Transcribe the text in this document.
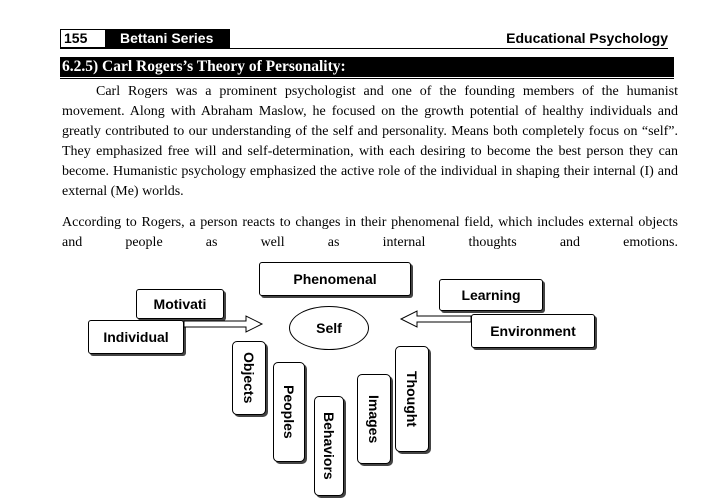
155	Bettani Series	Educational Psychology
6.2.5) Carl Rogers’s Theory of Personality:
Carl Rogers was a prominent psychologist and one of the founding members of the humanist movement. Along with Abraham Maslow, he focused on the growth potential of healthy individuals and greatly contributed to our understanding of the self and personality. Means both completely focus on “self”. They emphasized free will and self-determination, with each desiring to become the best person they can become. Humanistic psychology emphasized the active role of the individual in shaping their internal (I) and external (Me) worlds.
According to Rogers, a person reacts to changes in their phenomenal field, which includes external objects and people as well as internal thoughts and emotions.
Phenomenal
Motivati
Individual
Learning
Environment
Self
Objects
Peoples
Behaviors Images Thought
